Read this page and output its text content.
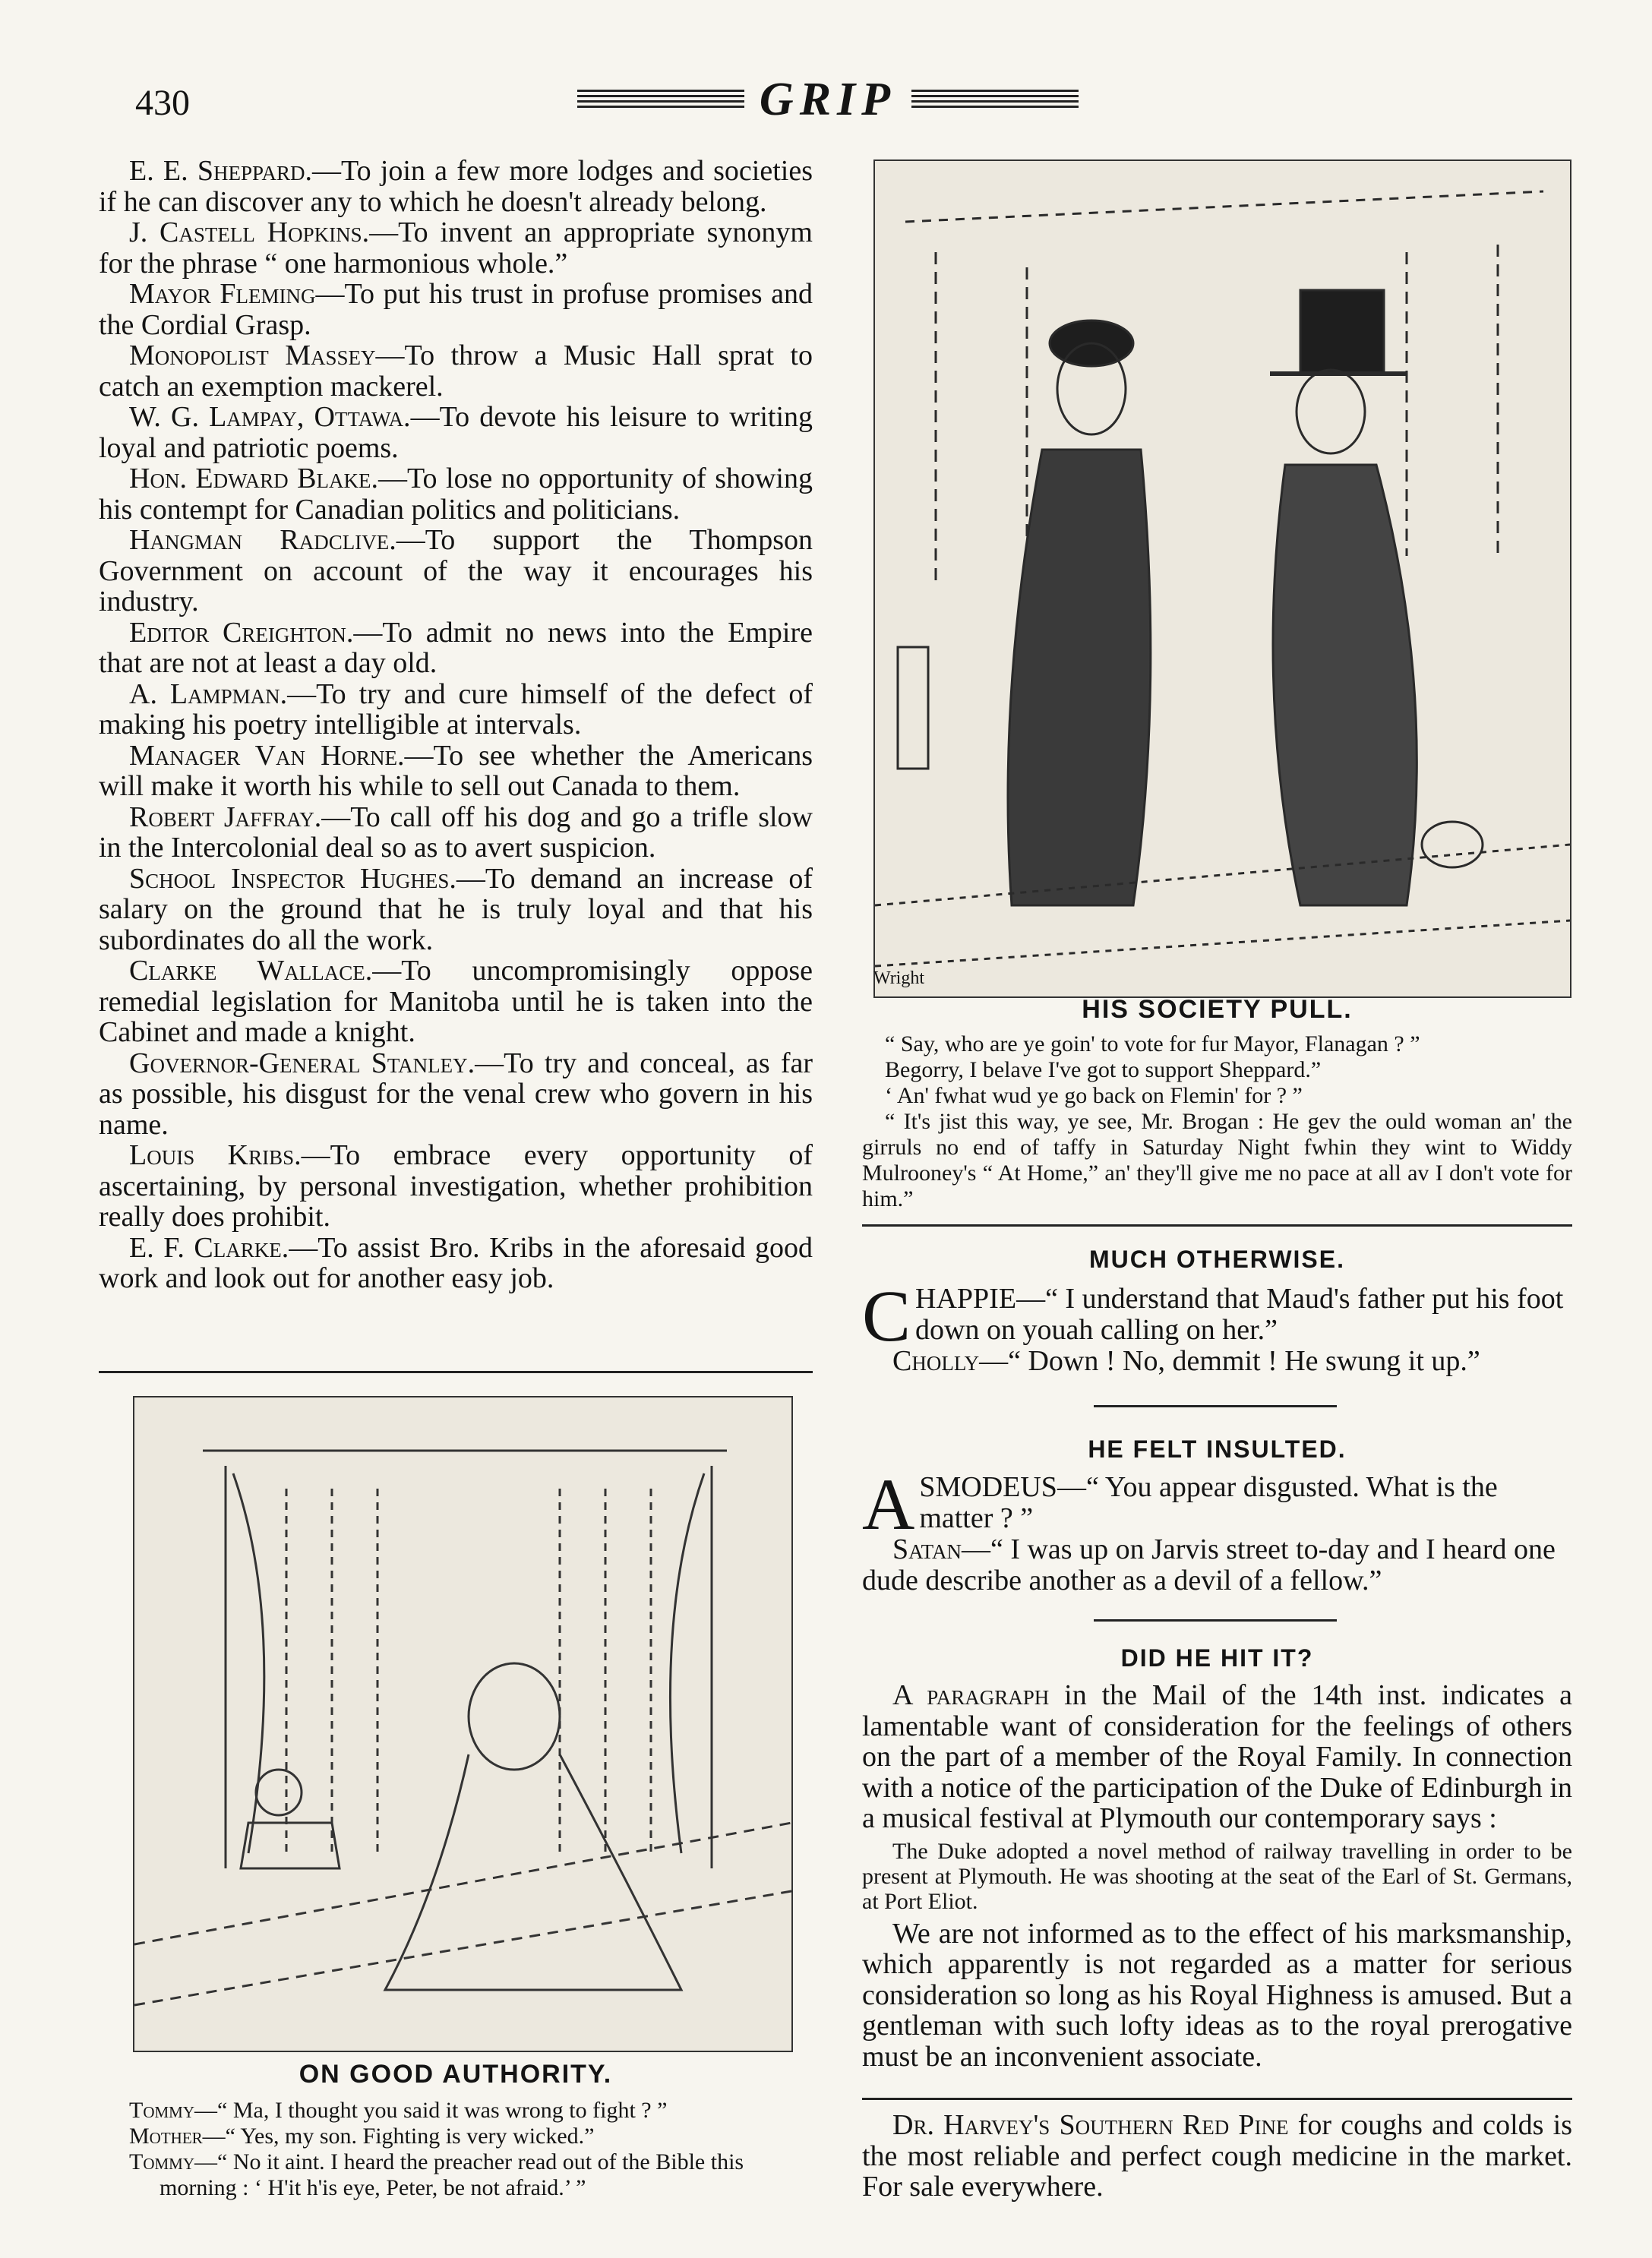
430	GRIP

E. E. Sheppard.—To join a few more lodges and societies if he can discover any to which he doesn't already belong.

J. Castell Hopkins.—To invent an appropriate synonym for the phrase “ one harmonious whole.”

Mayor Fleming—To put his trust in profuse promises and the Cordial Grasp.

Monopolist Massey—To throw a Music Hall sprat to catch an exemption mackerel.

W. G. Lampay, Ottawa.—To devote his leisure to writing loyal and patriotic poems.

Hon. Edward Blake.—To lose no opportunity of showing his contempt for Canadian politics and politicians.

Hangman Radclive.—To support the Thompson Government on account of the way it encourages his industry.

Editor Creighton.—To admit no news into the Empire that are not at least a day old.

A. Lampman.—To try and cure himself of the defect of making his poetry intelligible at intervals.

Manager Van Horne.—To see whether the Americans will make it worth his while to sell out Canada to them.

Robert Jaffray.—To call off his dog and go a trifle slow in the Intercolonial deal so as to avert suspicion.

School Inspector Hughes.—To demand an increase of salary on the ground that he is truly loyal and that his subordinates do all the work.

Clarke Wallace.—To uncompromisingly oppose remedial legislation for Manitoba until he is taken into the Cabinet and made a knight.

Governor-General Stanley.—To try and conceal, as far as possible, his disgust for the venal crew who govern in his name.

Louis Kribs.—To embrace every opportunity of ascertaining, by personal investigation, whether prohibition really does prohibit.

E. F. Clarke.—To assist Bro. Kribs in the aforesaid good work and look out for another easy job.

ON GOOD AUTHORITY.

Tommy—“ Ma, I thought you said it was wrong to fight ? ”

Mother—“ Yes, my son. Fighting is very wicked.”

Tommy—“ No it aint. I heard the preacher read out of the Bible this morning : ‘ H'it h'is eye, Peter, be not afraid.’ ”

Wright
HIS SOCIETY PULL.

“ Say, who are ye goin' to vote for fur Mayor, Flanagan ? ”

Begorry, I belave I've got to support Sheppard.”

‘ An' fwhat wud ye go back on Flemin' for ? ”

“ It's jist this way, ye see, Mr. Brogan : He gev the ould woman an' the girruls no end of taffy in Saturday Night fwhin they wint to Widdy Mulrooney's “ At Home,” an' they'll give me no pace at all av I don't vote for him.”

MUCH OTHERWISE.
CHAPPIE—“ I understand that Maud's father put his foot down on youah calling on her.”
Cholly—“ Down ! No, demmit ! He swung it up.”
HE FELT INSULTED.
ASMODEUS—“ You appear disgusted. What is the matter ? ”
Satan—“ I was up on Jarvis street to-day and I heard one dude describe another as a devil of a fellow.”
DID HE HIT IT?

A paragraph in the Mail of the 14th inst. indicates a lamentable want of consideration for the feelings of others on the part of a member of the Royal Family. In connection with a notice of the participation of the Duke of Edinburgh in a musical festival at Plymouth our contemporary says :

The Duke adopted a novel method of railway travelling in order to be present at Plymouth. He was shooting at the seat of the Earl of St. Germans, at Port Eliot.

We are not informed as to the effect of his marksmanship, which apparently is not regarded as a matter for serious consideration so long as his Royal Highness is amused. But a gentleman with such lofty ideas as to the royal prerogative must be an inconvenient associate.

Dr. Harvey's Southern Red Pine for coughs and colds is the most reliable and perfect cough medicine in the market. For sale everywhere.
